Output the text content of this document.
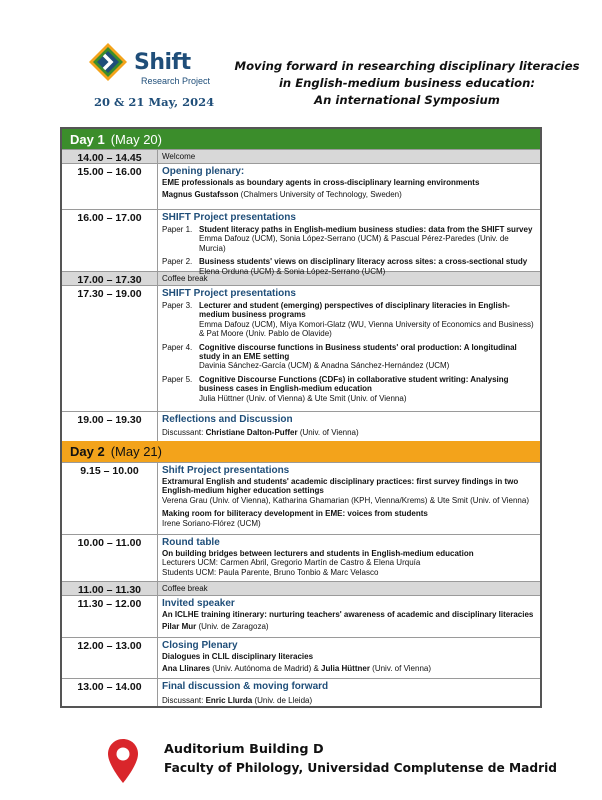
Shift
Research Project
20 & 21 May, 2024
Moving forward in researching disciplinary literacies
in English-medium business education:
An international Symposium
Day 1 (May 20)
14.00 – 14.45	Welcome
15.00 – 16.00	Opening plenary:
EME professionals as boundary agents in cross-disciplinary learning environments
Magnus Gustafsson (Chalmers University of Technology, Sweden)
16.00 – 17.00	SHIFT Project presentations
Paper 1. Student literacy paths in English-medium business studies: data from the SHIFT survey
Emma Dafouz (UCM), Sonia López-Serrano (UCM) & Pascual Pérez-Paredes (Univ. de Murcia)
Paper 2. Business students' views on disciplinary literacy across sites: a cross-sectional study
Elena Orduna (UCM) & Sonia López-Serrano (UCM)
17.00 – 17.30	Coffee break
17.30 – 19.00	SHIFT Project presentations
Paper 3. Lecturer and student (emerging) perspectives of disciplinary literacies in English-medium business programs
Emma Dafouz (UCM), Miya Komori-Glatz (WU, Vienna University of Economics and Business) & Pat Moore (Univ. Pablo de Olavide)
Paper 4. Cognitive discourse functions in Business students' oral production: A longitudinal study in an EME setting
Davinia Sánchez-García (UCM) & Anadna Sánchez-Hernández (UCM)
Paper 5. Cognitive Discourse Functions (CDFs) in collaborative student writing: Analysing business cases in English-medium education
Julia Hüttner (Univ. of Vienna) & Ute Smit (Univ. of Vienna)
19.00 – 19.30	Reflections and Discussion
Discussant: Christiane Dalton-Puffer (Univ. of Vienna)
Day 2 (May 21)
9.15 – 10.00	Shift Project presentations
Extramural English and students' academic disciplinary practices: first survey findings in two English-medium higher education settings
Verena Grau (Univ. of Vienna), Katharina Ghamarian (KPH, Vienna/Krems) & Ute Smit (Univ. of Vienna)
Making room for biliteracy development in EME: voices from students
Irene Soriano-Flórez (UCM)
10.00 – 11.00	Round table
On building bridges between lecturers and students in English-medium education
Lecturers UCM: Carmen Abril, Gregorio Martín de Castro & Elena Urquía
Students UCM: Paula Parente, Bruno Tonbio & Marc Velasco
11.00 – 11.30	Coffee break
11.30 – 12.00	Invited speaker
An ICLHE training itinerary: nurturing teachers' awareness of academic and disciplinary literacies
Pilar Mur (Univ. de Zaragoza)
12.00 – 13.00	Closing Plenary
Dialogues in CLIL disciplinary literacies
Ana Llinares (Univ. Autónoma de Madrid) & Julia Hüttner (Univ. of Vienna)
13.00 – 14.00	Final discussion & moving forward
Discussant: Enric Llurda (Univ. de Lleida)
Auditorium Building D
Faculty of Philology, Universidad Complutense de Madrid
